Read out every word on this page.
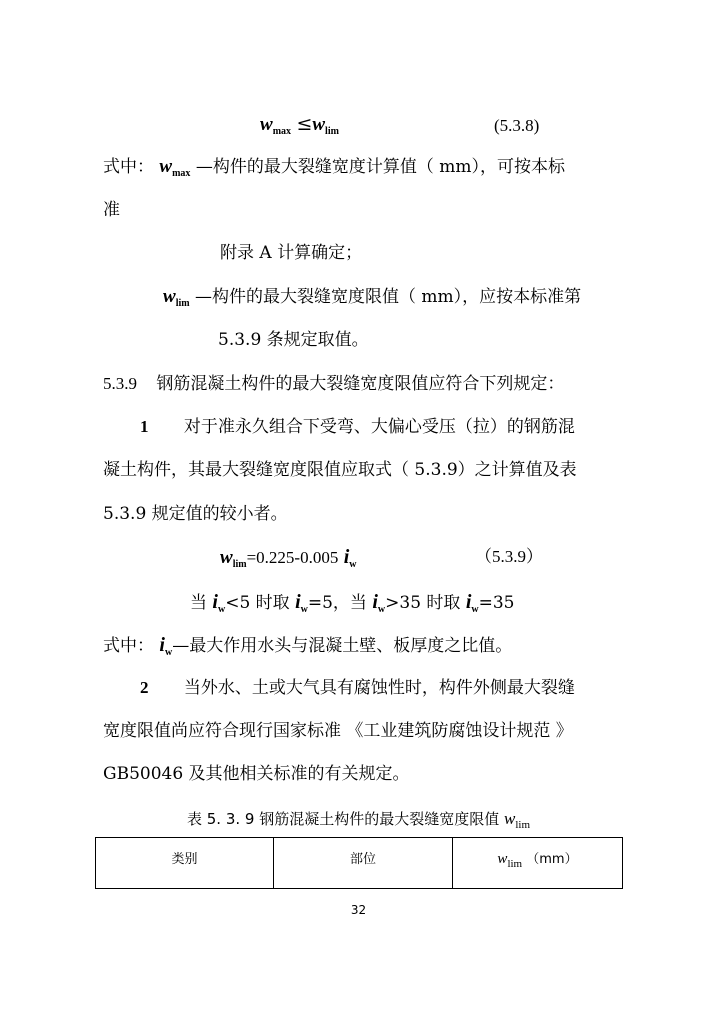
$w_{max} \le w_{lim}$	(5.3.8)
式中： $w_{max}$ —构件的最大裂缝宽度计算值（ mm），可按本标
准
附录 A 计算确定；
$w_{lim}$ —构件的最大裂缝宽度限值（ mm），应按本标准第
5.3.9 条规定取值。
5.3.9 钢筋混凝土构件的最大裂缝宽度限值应符合下列规定：
1 对于准永久组合下受弯、大偏心受压（拉）的钢筋混
凝土构件，其最大裂缝宽度限值应取式（ 5.3.9）之计算值及表
5.3.9 规定值的较小者。
$w_{lim}=0.225-0.005$ $i_w$	（5.3.9）
当 $i_w<5$ 时取 $i_w=5$，当 $i_w>35$ 时取 $i_w=35$
式中： $i_w—$最大作用水头与混凝土壁、板厚度之比值。
2 当外水、土或大气具有腐蚀性时，构件外侧最大裂缝
宽度限值尚应符合现行国家标准 《工业建筑防腐蚀设计规范 》
GB50046 及其他相关标准的有关规定。
表 5. 3. 9 钢筋混凝土构件的最大裂缝宽度限值 $w_{lim}$
类别	部位	$w_{lim}$ （mm）
32
